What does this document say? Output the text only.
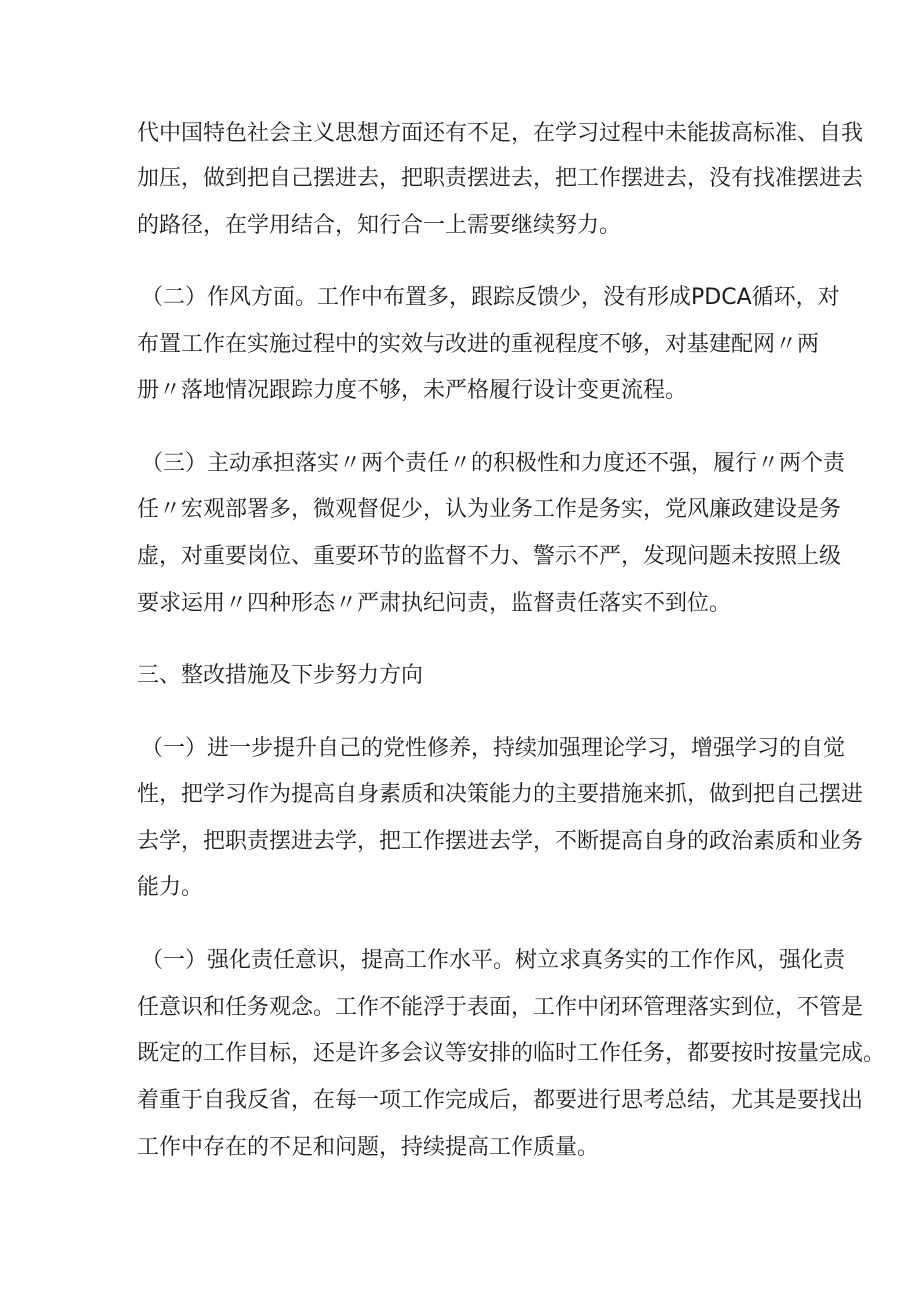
代中国特色社会主义思想方面还有不足，在学习过程中未能拔高标准、自我
加压，做到把自己摆进去，把职责摆进去，把工作摆进去，没有找准摆进去
的路径，在学用结合，知行合一上需要继续努力。
（二）作风方面。工作中布置多，跟踪反馈少，没有形成PDCA循环，对
布置工作在实施过程中的实效与改进的重视程度不够，对基建配网〃两
册〃落地情况跟踪力度不够，未严格履行设计变更流程。
（三）主动承担落实〃两个责任〃的积极性和力度还不强，履行〃两个责
任〃宏观部署多，微观督促少，认为业务工作是务实，党风廉政建设是务
虚，对重要岗位、重要环节的监督不力、警示不严，发现问题未按照上级
要求运用〃四种形态〃严肃执纪问责，监督责任落实不到位。
三、整改措施及下步努力方向
（一）进一步提升自己的党性修养，持续加强理论学习，增强学习的自觉
性，把学习作为提高自身素质和决策能力的主要措施来抓，做到把自己摆进
去学，把职责摆进去学，把工作摆进去学，不断提高自身的政治素质和业务
能力。
（一）强化责任意识，提高工作水平。树立求真务实的工作作风，强化责
任意识和任务观念。工作不能浮于表面，工作中闭环管理落实到位，不管是
既定的工作目标，还是许多会议等安排的临时工作任务，都要按时按量完成。
着重于自我反省，在每一项工作完成后，都要进行思考总结，尤其是要找出
工作中存在的不足和问题，持续提高工作质量。
